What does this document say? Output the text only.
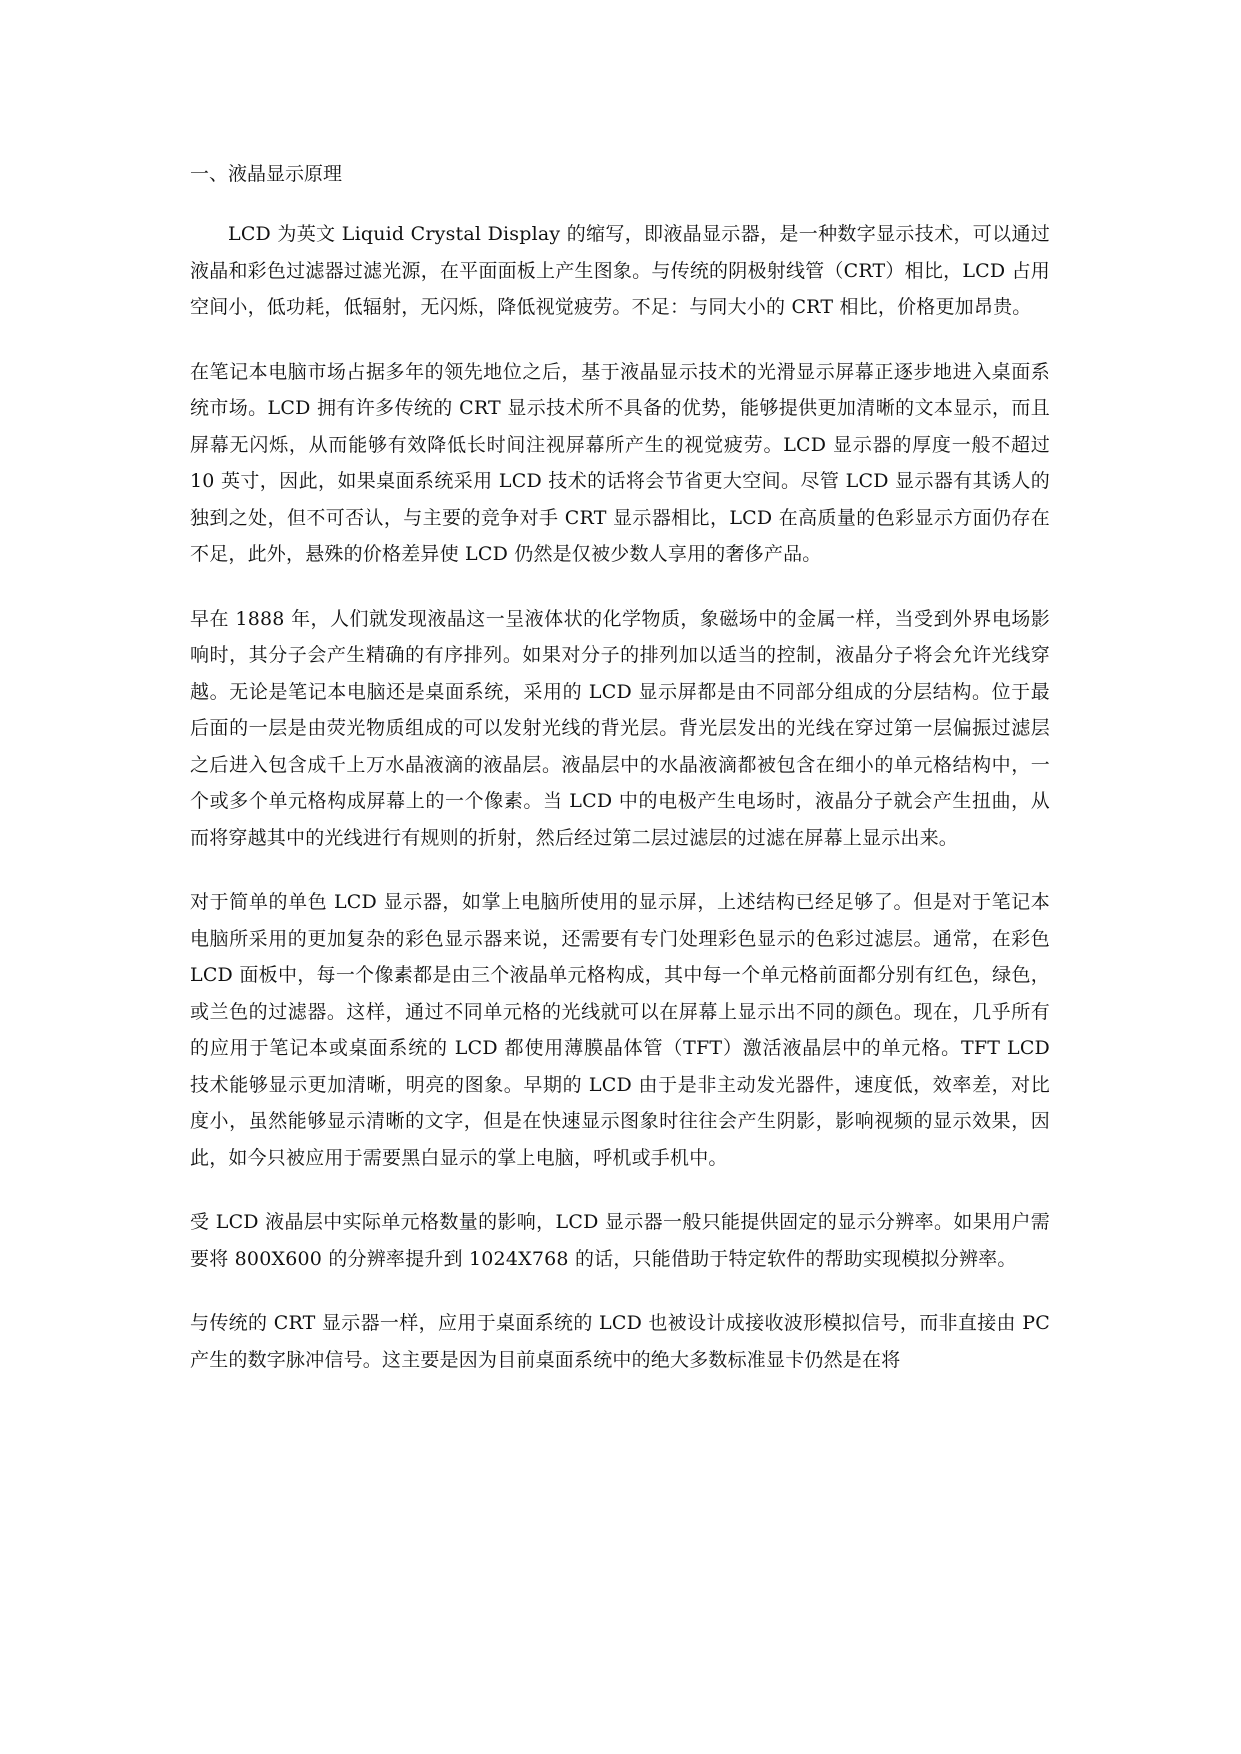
一、液晶显示原理

LCD 为英文 Liquid Crystal Display 的缩写，即液晶显示器，是一种数字显示技术，可以通过液晶和彩色过滤器过滤光源，在平面面板上产生图象。与传统的阴极射线管（CRT）相比，LCD 占用空间小，低功耗，低辐射，无闪烁，降低视觉疲劳。不足：与同大小的 CRT 相比，价格更加昂贵。

在笔记本电脑市场占据多年的领先地位之后，基于液晶显示技术的光滑显示屏幕正逐步地进入桌面系统市场。LCD 拥有许多传统的 CRT 显示技术所不具备的优势，能够提供更加清晰的文本显示，而且屏幕无闪烁，从而能够有效降低长时间注视屏幕所产生的视觉疲劳。LCD 显示器的厚度一般不超过 10 英寸，因此，如果桌面系统采用 LCD 技术的话将会节省更大空间。尽管 LCD 显示器有其诱人的独到之处，但不可否认，与主要的竞争对手 CRT 显示器相比，LCD 在高质量的色彩显示方面仍存在不足，此外，悬殊的价格差异使 LCD 仍然是仅被少数人享用的奢侈产品。

早在 1888 年，人们就发现液晶这一呈液体状的化学物质，象磁场中的金属一样，当受到外界电场影响时，其分子会产生精确的有序排列。如果对分子的排列加以适当的控制，液晶分子将会允许光线穿越。无论是笔记本电脑还是桌面系统，采用的 LCD 显示屏都是由不同部分组成的分层结构。位于最后面的一层是由荧光物质组成的可以发射光线的背光层。背光层发出的光线在穿过第一层偏振过滤层之后进入包含成千上万水晶液滴的液晶层。液晶层中的水晶液滴都被包含在细小的单元格结构中，一个或多个单元格构成屏幕上的一个像素。当 LCD 中的电极产生电场时，液晶分子就会产生扭曲，从而将穿越其中的光线进行有规则的折射，然后经过第二层过滤层的过滤在屏幕上显示出来。

对于简单的单色 LCD 显示器，如掌上电脑所使用的显示屏，上述结构已经足够了。但是对于笔记本电脑所采用的更加复杂的彩色显示器来说，还需要有专门处理彩色显示的色彩过滤层。通常，在彩色 LCD 面板中，每一个像素都是由三个液晶单元格构成，其中每一个单元格前面都分别有红色，绿色，或兰色的过滤器。这样，通过不同单元格的光线就可以在屏幕上显示出不同的颜色。现在，几乎所有的应用于笔记本或桌面系统的 LCD 都使用薄膜晶体管（TFT）激活液晶层中的单元格。TFT LCD 技术能够显示更加清晰，明亮的图象。早期的 LCD 由于是非主动发光器件，速度低，效率差，对比度小，虽然能够显示清晰的文字，但是在快速显示图象时往往会产生阴影，影响视频的显示效果，因此，如今只被应用于需要黑白显示的掌上电脑，呼机或手机中。

受 LCD 液晶层中实际单元格数量的影响，LCD 显示器一般只能提供固定的显示分辨率。如果用户需要将 800X600 的分辨率提升到 1024X768 的话，只能借助于特定软件的帮助实现模拟分辨率。

与传统的 CRT 显示器一样，应用于桌面系统的 LCD 也被设计成接收波形模拟信号，而非直接由 PC 产生的数字脉冲信号。这主要是因为目前桌面系统中的绝大多数标准显卡仍然是在将
